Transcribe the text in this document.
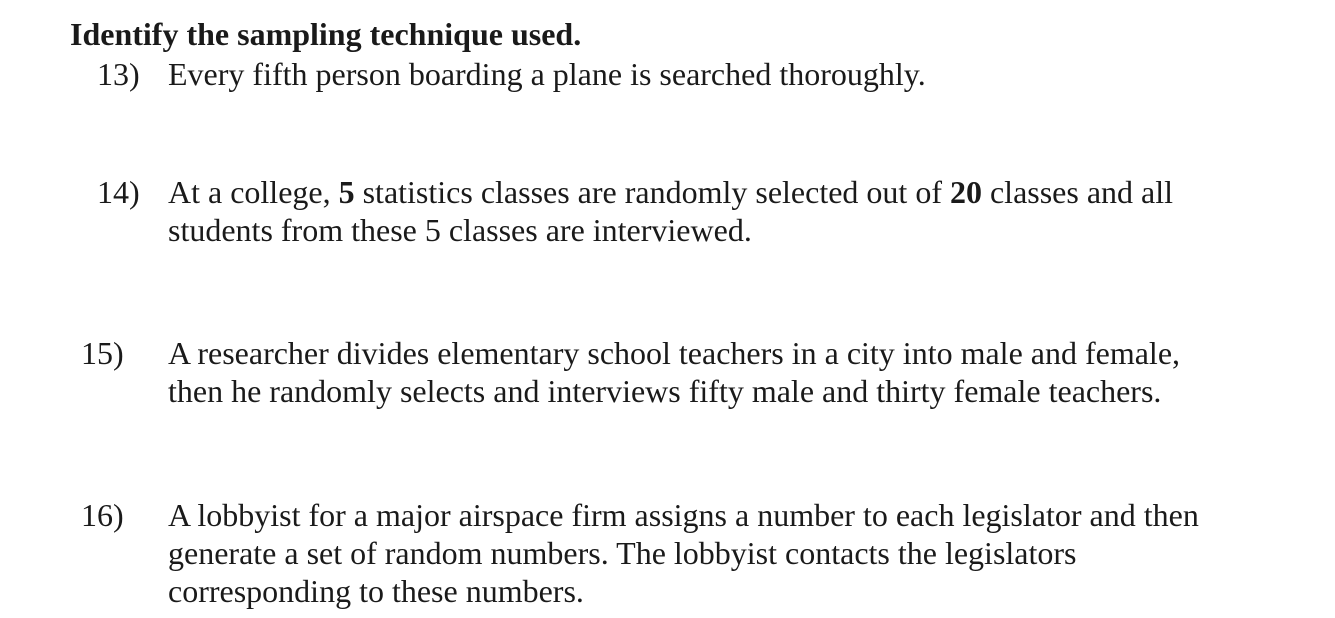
Identify the sampling technique used.
13) Every fifth person boarding a plane is searched thoroughly.
14) At a college, 5 statistics classes are randomly selected out of 20 classes and all
students from these 5 classes are interviewed.
15) A researcher divides elementary school teachers in a city into male and female,
then he randomly selects and interviews fifty male and thirty female teachers.
16) A lobbyist for a major airspace firm assigns a number to each legislator and then
generate a set of random numbers. The lobbyist contacts the legislators
corresponding to these numbers.
